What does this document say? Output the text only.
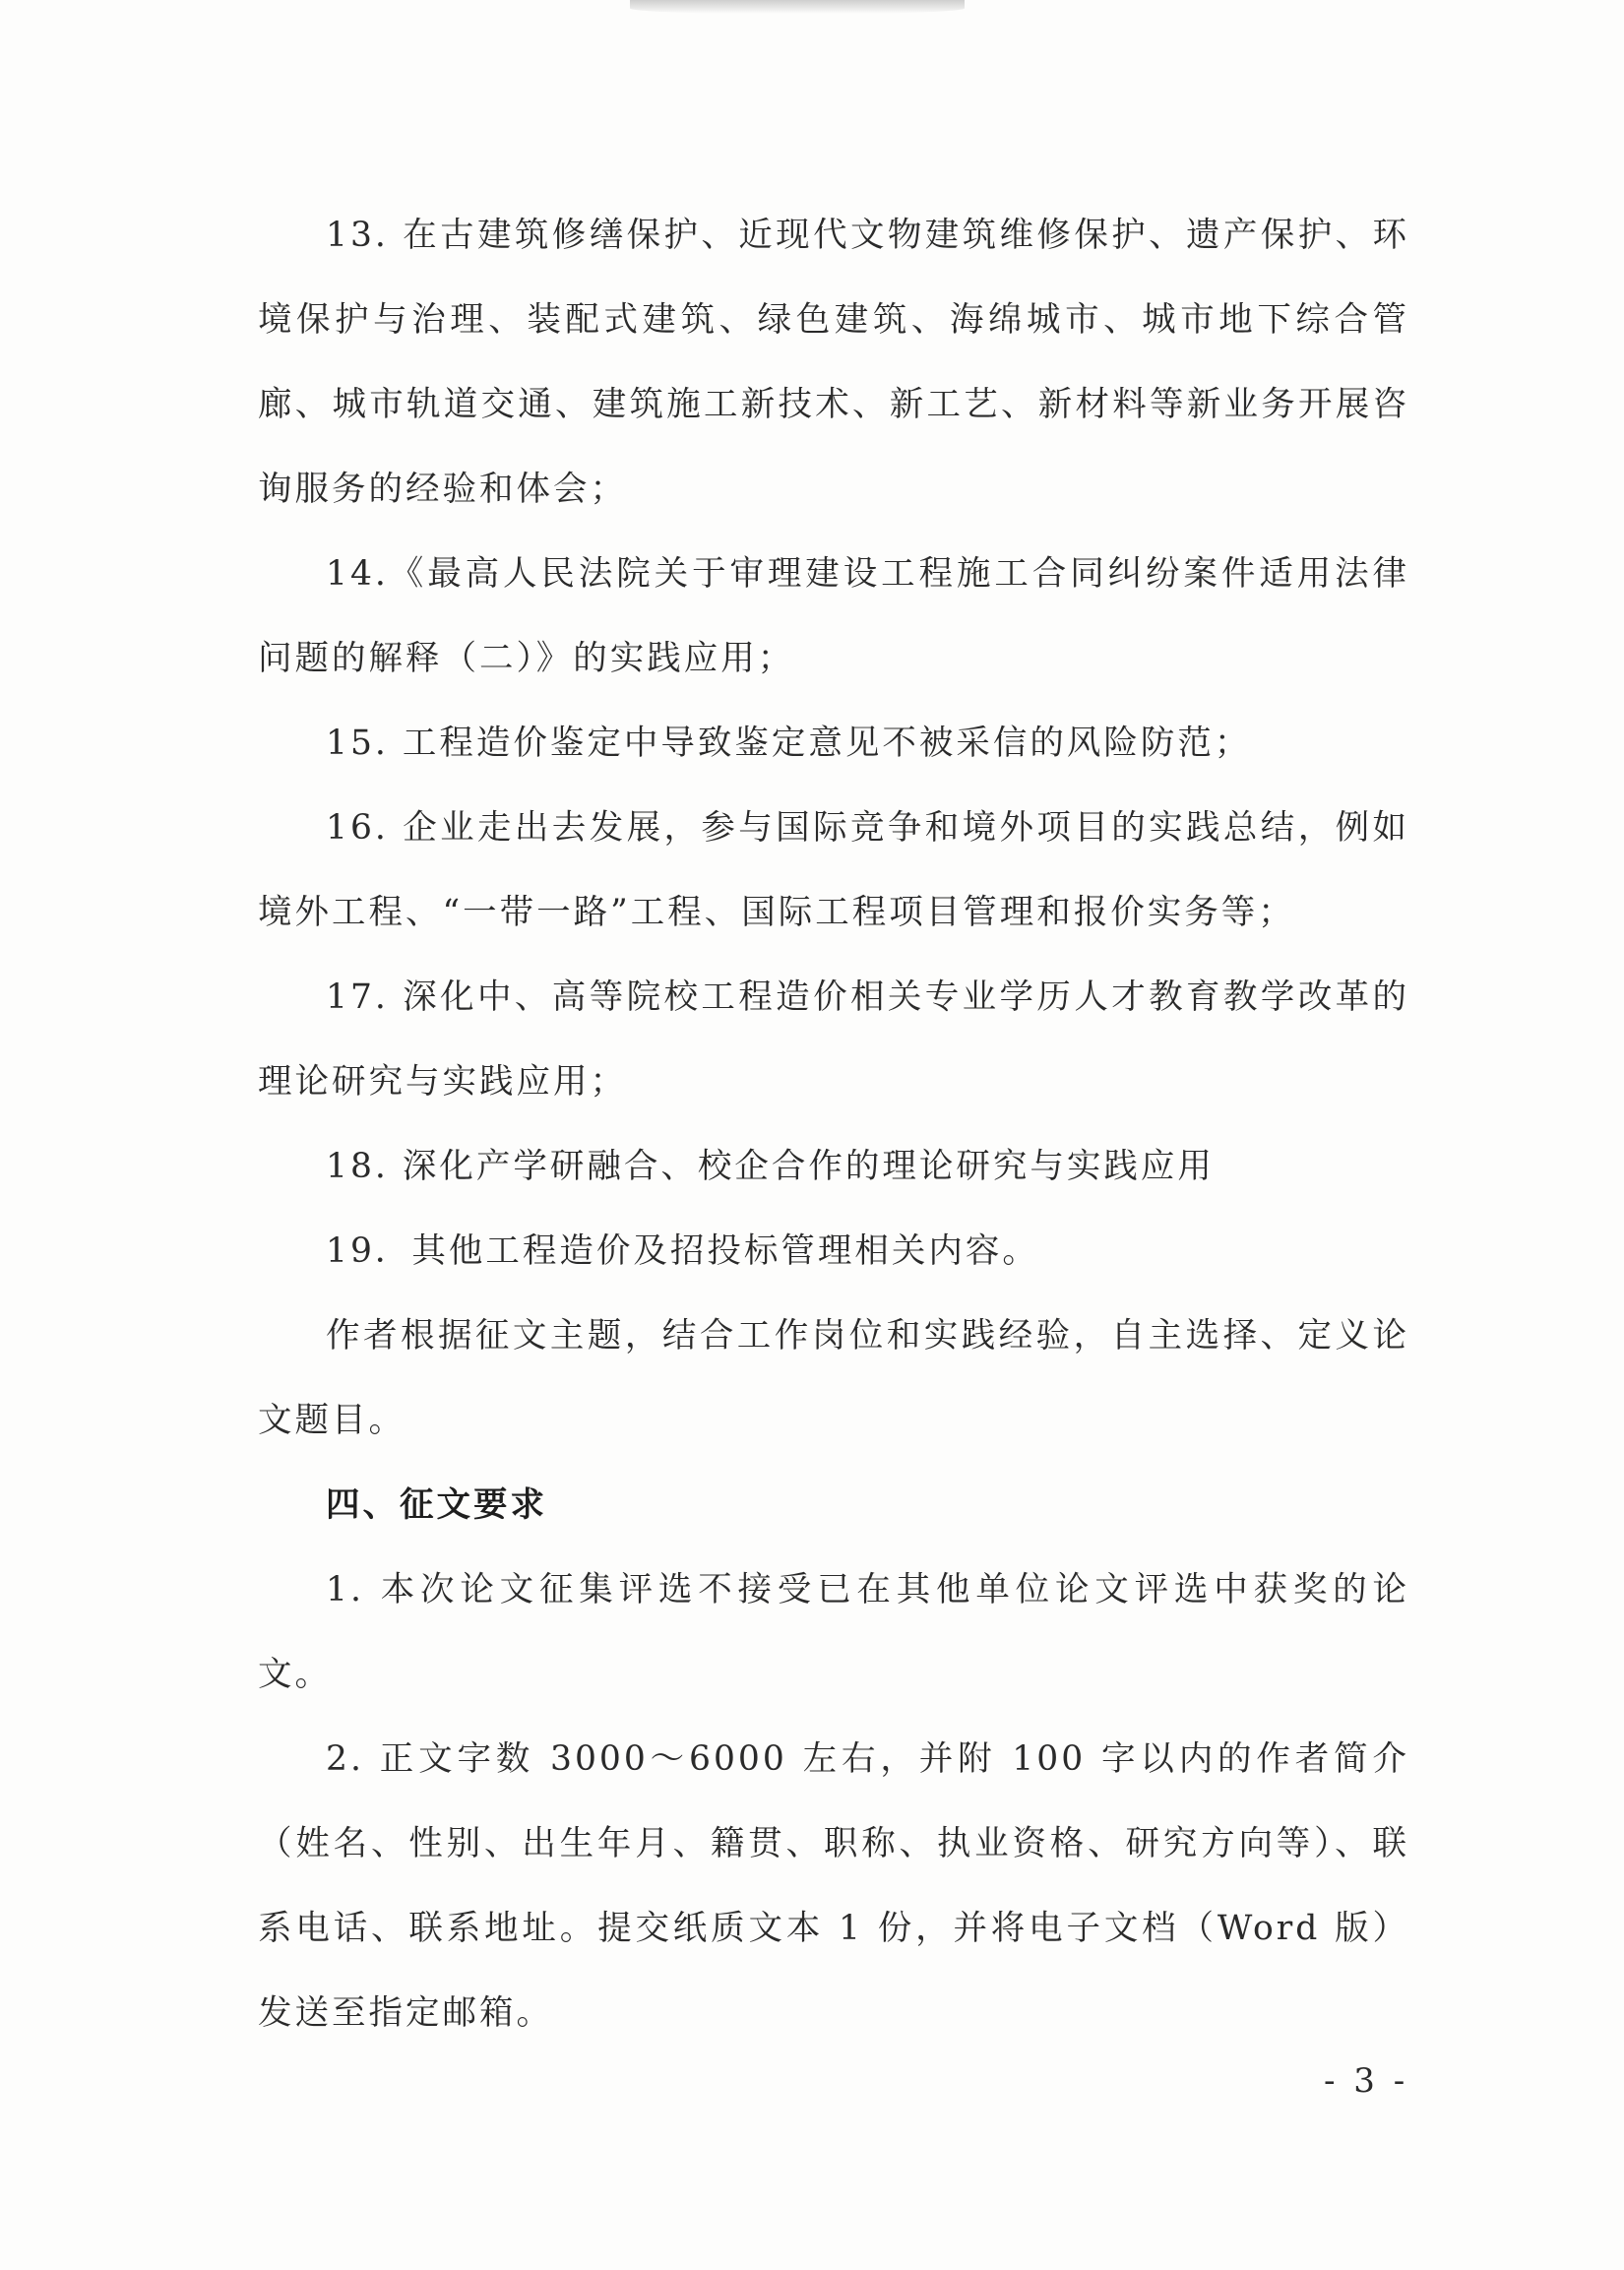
13. 在古建筑修缮保护、近现代文物建筑维修保护、遗产保护、环境保护与治理、装配式建筑、绿色建筑、海绵城市、城市地下综合管廊、城市轨道交通、建筑施工新技术、新工艺、新材料等新业务开展咨询服务的经验和体会；

14.《最高人民法院关于审理建设工程施工合同纠纷案件适用法律问题的解释（二）》的实践应用；

15. 工程造价鉴定中导致鉴定意见不被采信的风险防范；

16. 企业走出去发展，参与国际竞争和境外项目的实践总结，例如境外工程、“一带一路”工程、国际工程项目管理和报价实务等；

17. 深化中、高等院校工程造价相关专业学历人才教育教学改革的理论研究与实践应用；

18. 深化产学研融合、校企合作的理论研究与实践应用

19．其他工程造价及招投标管理相关内容。

作者根据征文主题，结合工作岗位和实践经验，自主选择、定义论文题目。

四、征文要求

1. 本次论文征集评选不接受已在其他单位论文评选中获奖的论文。

2. 正文字数 3000～6000 左右，并附 100 字以内的作者简介（姓名、性别、出生年月、籍贯、职称、执业资格、研究方向等）、联系电话、联系地址。提交纸质文本 1 份，并将电子文档（Word 版）发送至指定邮箱。

- 3 -
